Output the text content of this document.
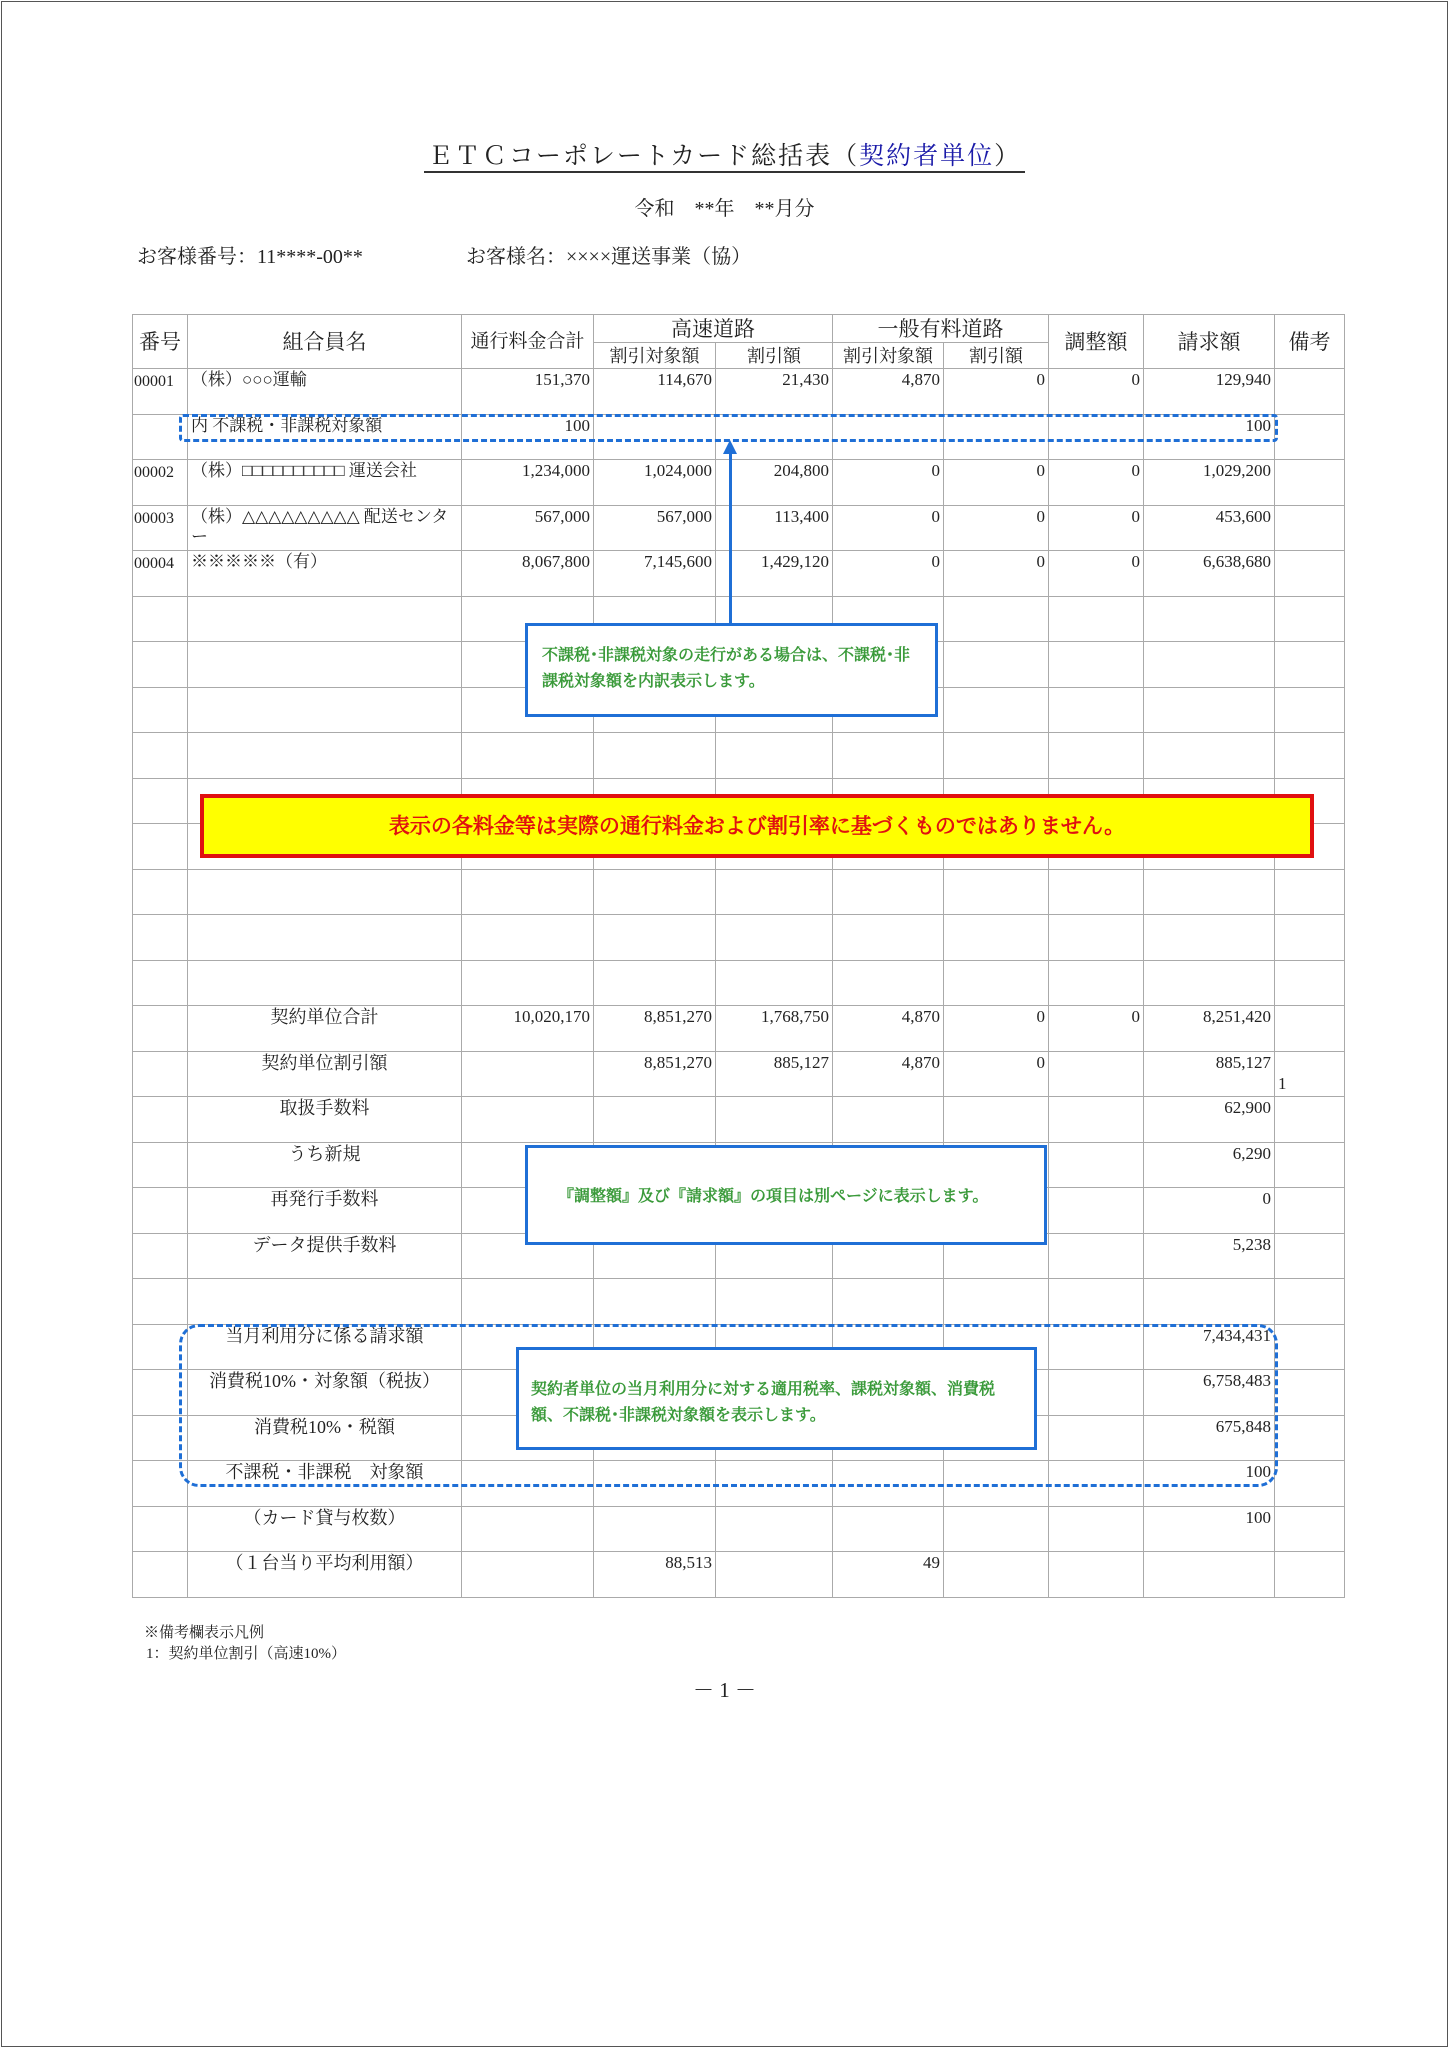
ＥＴＣコーポレートカード総括表（契約者単位）
令和　**年　**月分
お客様番号：11****-00**	お客様名：××××運送事業（協）
番号	組合員名	通行料金合計	高速道路		一般有料道路		調整額	請求額	備考
			割引対象額	割引額	割引対象額	割引額			
00001	（株）○○○運輸	151,370	114,670	21,430	4,870	0	0	129,940	
	内 不課税・非課税対象額	100						100	
00002	（株）□□□□□□□□□□ 運送会社	1,234,000	1,024,000	204,800	0	0	0	1,029,200	
00003	（株）△△△△△△△△△ 配送センター	567,000	567,000	113,400	0	0	0	453,600	
00004	※※※※※（有）	8,067,800	7,145,600	1,429,120	0	0	0	6,638,680	

	契約単位合計	10,020,170	8,851,270	1,768,750	4,870	0	0	8,251,420	
	契約単位割引額		8,851,270	885,127	4,870	0		885,127	1
	取扱手数料							62,900	
	うち新規							6,290	
	再発行手数料							0	
	データ提供手数料							5,238	

	当月利用分に係る請求額							7,434,431	
	消費税10%・対象額（税抜）							6,758,483	
	消費税10%・税額							675,848	
	不課税・非課税　対象額							100	
	（カード貸与枚数）							100	
	（１台当り平均利用額）		88,513		49				
不課税･非課税対象の走行がある場合は、不課税･非課税対象額を内訳表示します。
表示の各料金等は実際の通行料金および割引率に基づくものではありません。
『調整額』及び『請求額』の項目は別ページに表示します。
契約者単位の当月利用分に対する適用税率、課税対象額、消費税額、不課税･非課税対象額を表示します。
※備考欄表示凡例
1：契約単位割引（高速10%）
－ 1 －
